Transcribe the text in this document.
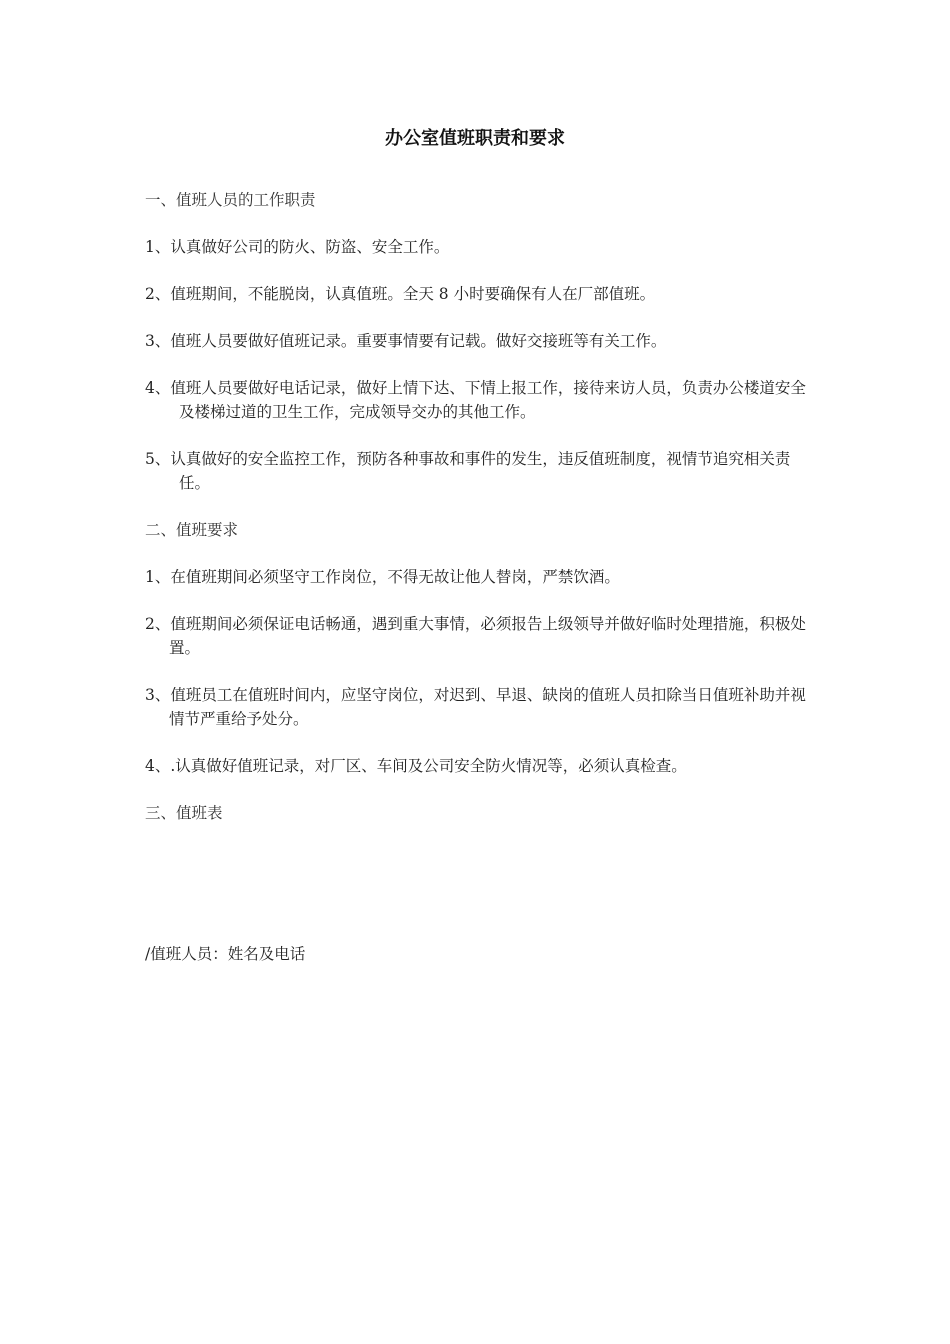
办公室值班职责和要求

一、值班人员的工作职责

1、认真做好公司的防火、防盗、安全工作。

2、值班期间，不能脱岗，认真值班。全天 8 小时要确保有人在厂部值班。

3、值班人员要做好值班记录。重要事情要有记载。做好交接班等有关工作。

4、值班人员要做好电话记录，做好上情下达、下情上报工作，接待来访人员，负责办公楼道安全及楼梯过道的卫生工作，完成领导交办的其他工作。

5、认真做好的安全监控工作，预防各种事故和事件的发生，违反值班制度，视情节追究相关责任。

二、值班要求

1、在值班期间必须坚守工作岗位，不得无故让他人替岗，严禁饮酒。

2、值班期间必须保证电话畅通，遇到重大事情，必须报告上级领导并做好临时处理措施，积极处置。

3、值班员工在值班时间内，应坚守岗位，对迟到、早退、缺岗的值班人员扣除当日值班补助并视情节严重给予处分。

4、.认真做好值班记录，对厂区、车间及公司安全防火情况等，必须认真检查。

三、值班表

/值班人员：姓名及电话
